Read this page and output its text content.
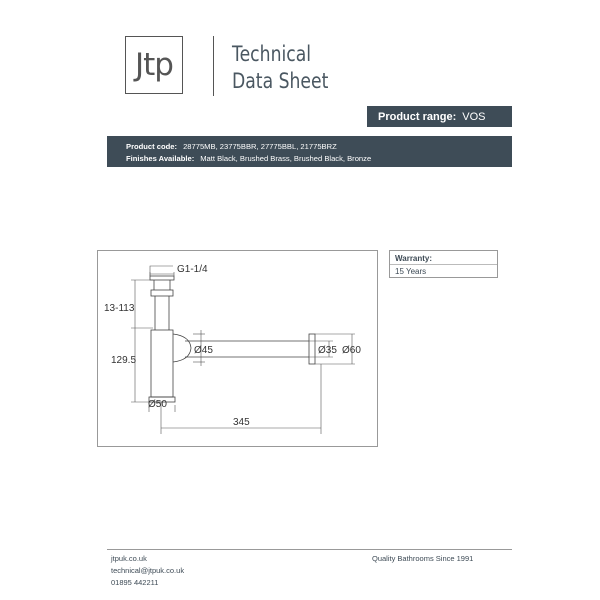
Jtp	Technical
Data Sheet
Product range: VOS
Product code: 28775MB, 23775BBR, 27775BBL, 21775BRZ
Finishes Available: Matt Black, Brushed Brass, Brushed Black, Bronze
G1-1/4
13-113
129.5
Ø45
Ø50
345
Ø35 Ø60
Warranty:
15 Years
jtpuk.co.uk
technical@jtpuk.co.uk
01895 442211
Quality Bathrooms Since 1991
